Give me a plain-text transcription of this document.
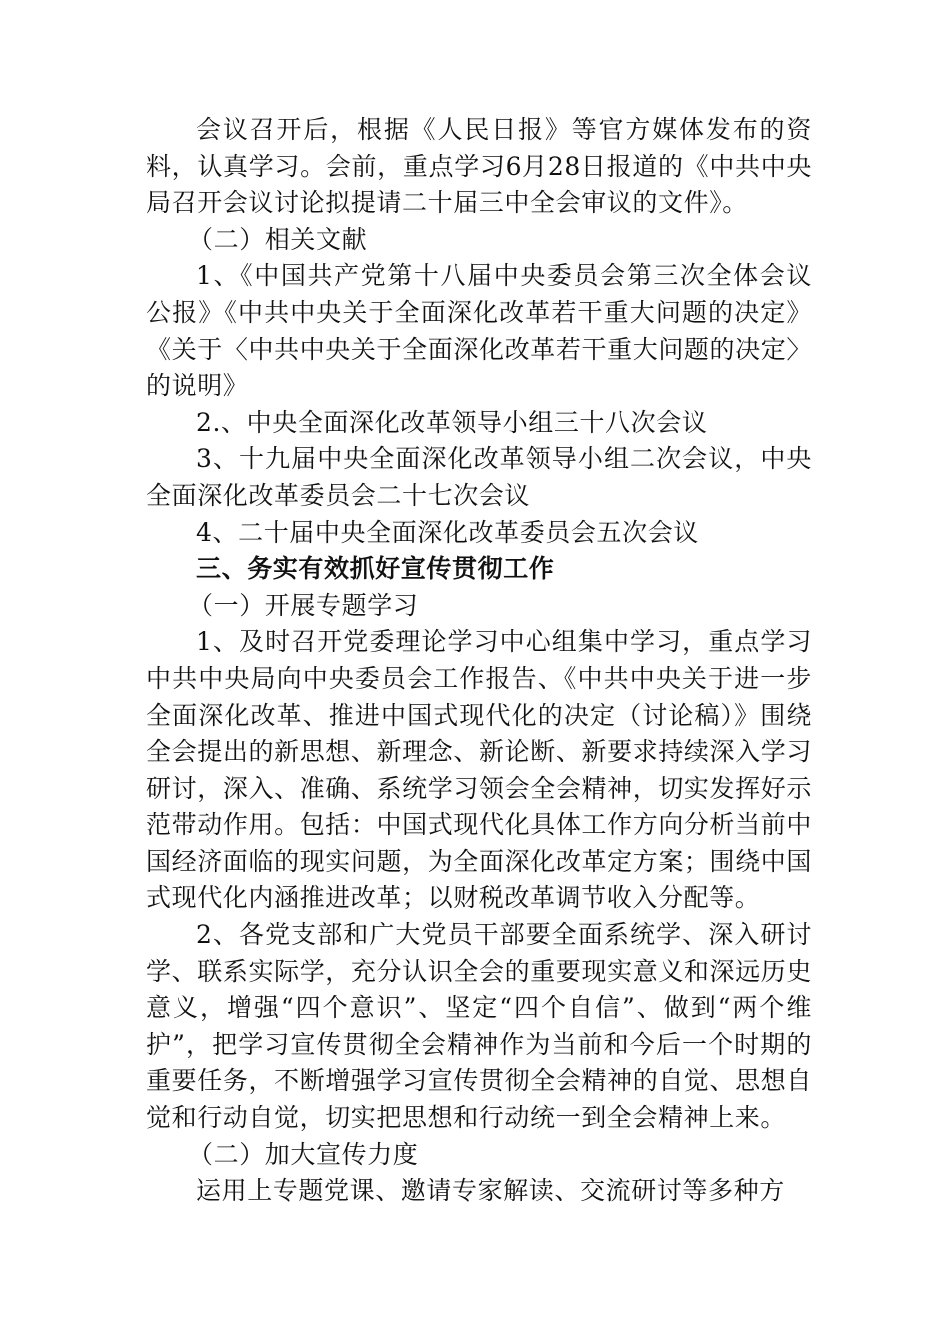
会议召开后，根据《人民日报》等官方媒体发布的资料，认真学习。会前，重点学习6月28日报道的《中共中央局召开会议讨论拟提请二十届三中全会审议的文件》。

（二）相关文献

1、《中国共产党第十八届中央委员会第三次全体会议公报》《中共中央关于全面深化改革若干重大问题的决定》《关于〈中共中央关于全面深化改革若干重大问题的决定〉的说明》

2.、中央全面深化改革领导小组三十八次会议

3、十九届中央全面深化改革领导小组二次会议，中央全面深化改革委员会二十七次会议

4、二十届中央全面深化改革委员会五次会议

三、务实有效抓好宣传贯彻工作

（一）开展专题学习

1、及时召开党委理论学习中心组集中学习，重点学习中共中央局向中央委员会工作报告、《中共中央关于进一步全面深化改革、推进中国式现代化的决定（讨论稿）》围绕全会提出的新思想、新理念、新论断、新要求持续深入学习研讨，深入、准确、系统学习领会全会精神，切实发挥好示范带动作用。包括：中国式现代化具体工作方向分析当前中国经济面临的现实问题，为全面深化改革定方案；围绕中国式现代化内涵推进改革；以财税改革调节收入分配等。

2、各党支部和广大党员干部要全面系统学、深入研讨学、联系实际学，充分认识全会的重要现实意义和深远历史意义，增强“四个意识”、坚定“四个自信”、做到“两个维护”，把学习宣传贯彻全会精神作为当前和今后一个时期的重要任务，不断增强学习宣传贯彻全会精神的自觉、思想自觉和行动自觉，切实把思想和行动统一到全会精神上来。

（二）加大宣传力度

运用上专题党课、邀请专家解读、交流研讨等多种方
